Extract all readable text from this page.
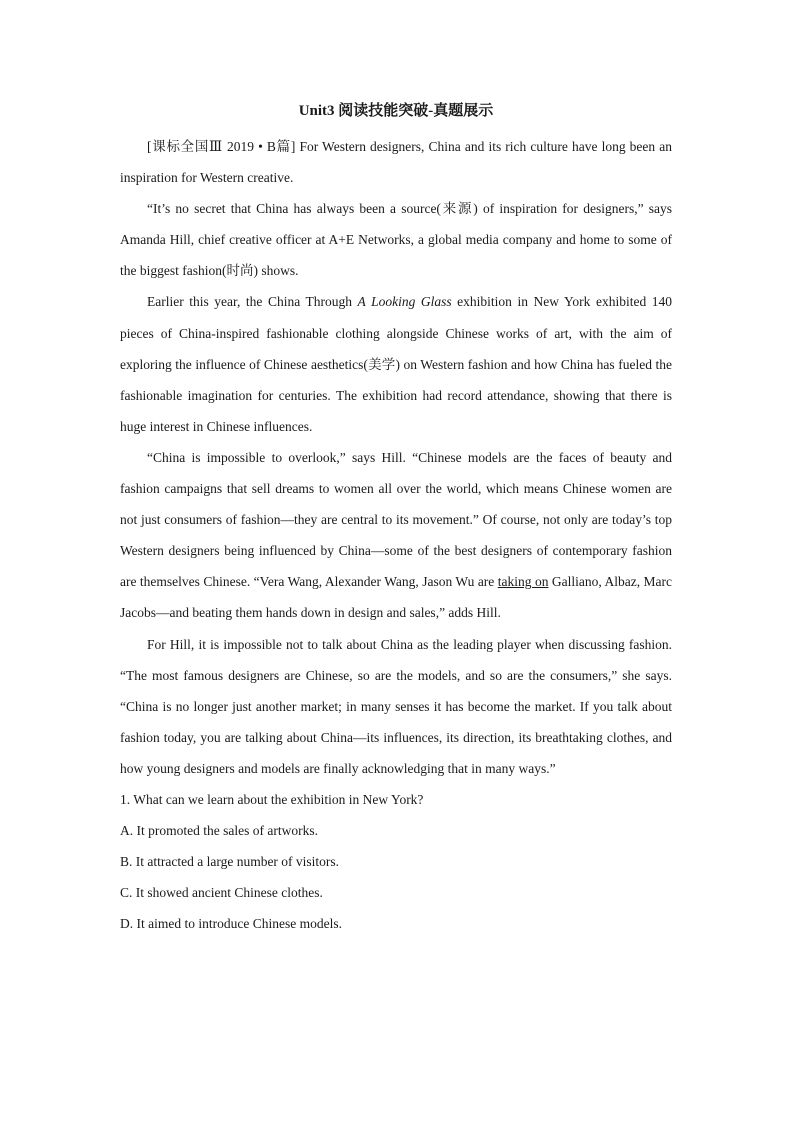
Unit3 阅读技能突破-真题展示

[课标全国Ⅲ 2019 • B篇] For Western designers, China and its rich culture have long been an inspiration for Western creative.

“It’s no secret that China has always been a source(来源) of inspiration for designers,” says Amanda Hill, chief creative officer at A+E Networks, a global media company and home to some of the biggest fashion(时尚) shows.

Earlier this year, the China Through A Looking Glass exhibition in New York exhibited 140 pieces of China-inspired fashionable clothing alongside Chinese works of art, with the aim of exploring the influence of Chinese aesthetics(美学) on Western fashion and how China has fueled the fashionable imagination for centuries. The exhibition had record attendance, showing that there is huge interest in Chinese influences.

“China is impossible to overlook,” says Hill. “Chinese models are the faces of beauty and fashion campaigns that sell dreams to women all over the world, which means Chinese women are not just consumers of fashion—they are central to its movement.” Of course, not only are today’s top Western designers being influenced by China—some of the best designers of contemporary fashion are themselves Chinese. “Vera Wang, Alexander Wang, Jason Wu are taking on Galliano, Albaz, Marc Jacobs—and beating them hands down in design and sales,” adds Hill.

For Hill, it is impossible not to talk about China as the leading player when discussing fashion. “The most famous designers are Chinese, so are the models, and so are the consumers,” she says. “China is no longer just another market; in many senses it has become the market. If you talk about fashion today, you are talking about China—its influences, its direction, its breathtaking clothes, and how young designers and models are finally acknowledging that in many ways.”

1. What can we learn about the exhibition in New York?

A. It promoted the sales of artworks.

B. It attracted a large number of visitors.

C. It showed ancient Chinese clothes.

D. It aimed to introduce Chinese models.
